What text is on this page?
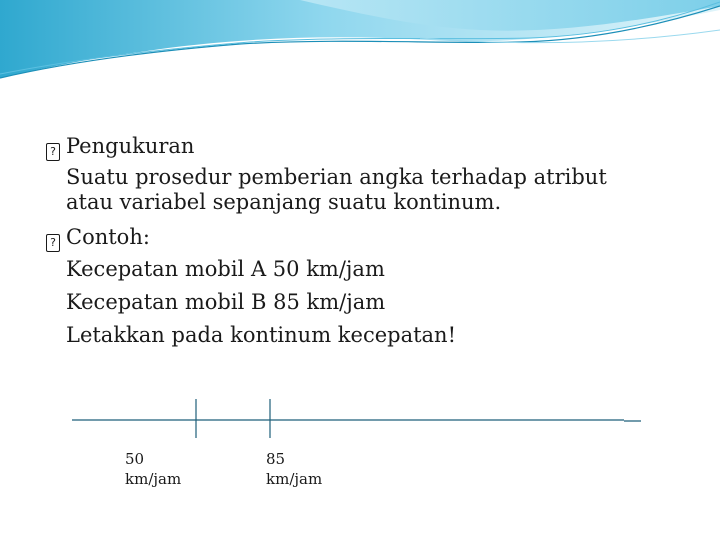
? Pengukuran
Suatu prosedur pemberian angka terhadap atribut
atau variabel sepanjang suatu kontinum.
? Contoh:
Kecepatan mobil A 50 km/jam
Kecepatan mobil B 85 km/jam
Letakkan pada kontinum kecepatan!
50
km/jam
85
km/jam
